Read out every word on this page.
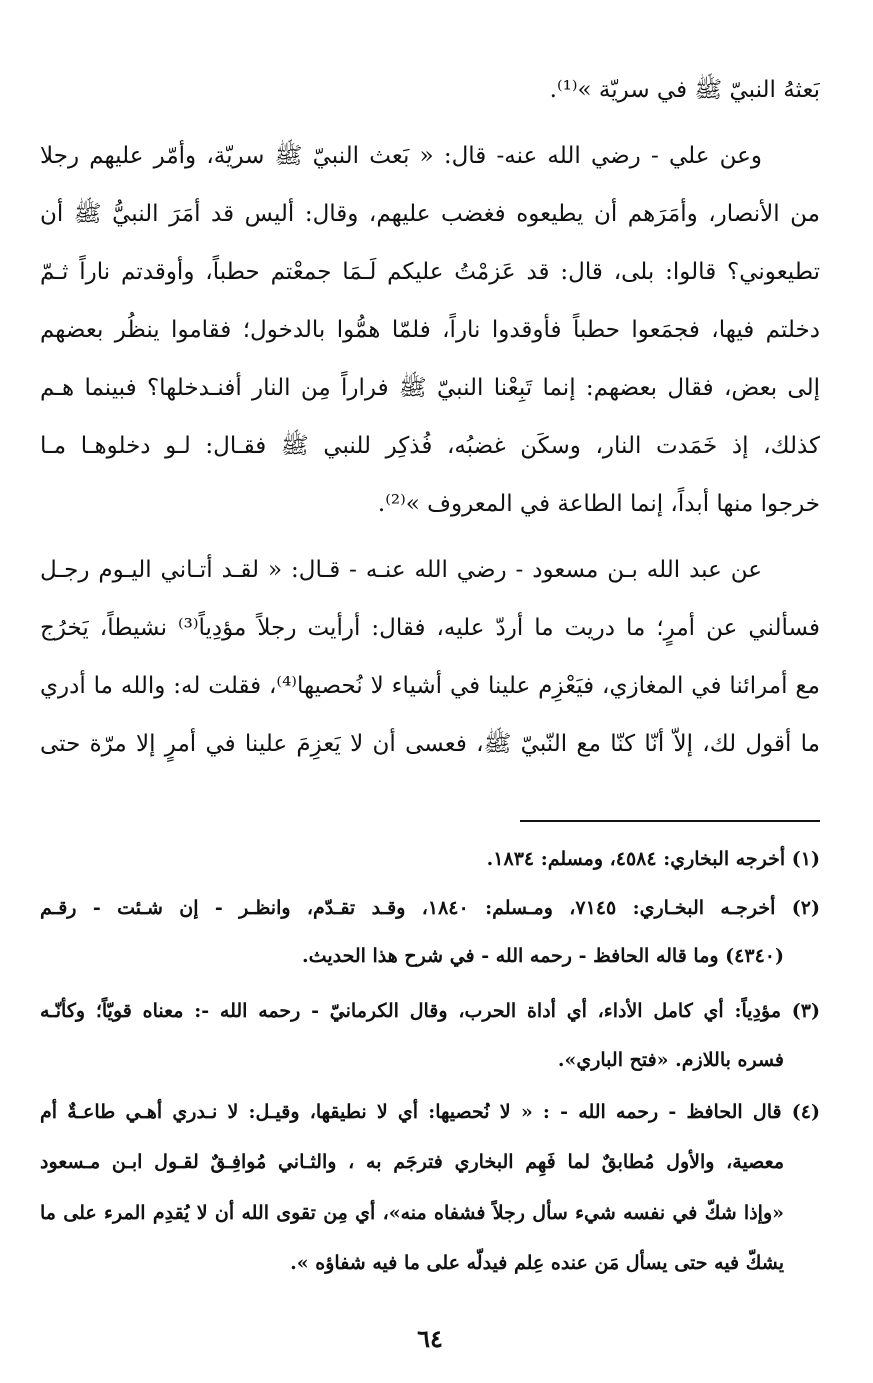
بَعثهُ النبيّ ﷺ في سريّة »⁽¹⁾.
وعن علي - رضي الله عنه- قال: « بَعث النبيّ ﷺ سريّة، وأمّر عليهم رجلا
من الأنصار، وأمَرَهم أن يطيعوه فغضب عليهم، وقال: أليس قد أمَرَ النبيُّ ﷺ أن
تطيعوني؟ قالوا: بلى، قال: قد عَزمْتُ عليكم لَـمَا جمعْتم حطباً، وأوقدتم ناراً ثـمّ
دخلتم فيها، فجمَعوا حطباً فأوقدوا ناراً، فلمّا همُّوا بالدخول؛ فقاموا ينظُر بعضهم
إلى بعض، فقال بعضهم: إنما تَبِعْنا النبيّ ﷺ فراراً مِن النار أفنـدخلها؟ فبينما هـم
كذلك، إذ خَمَدت النار، وسكَن غضبُه، فُذكِر للنبي ﷺ فقـال: لـو دخلوهـا مـا
خرجوا منها أبداً، إنما الطاعة في المعروف »⁽²⁾.
عن عبد الله بـن مسعود - رضي الله عنـه - قـال: « لقـد أتـاني اليـوم رجـل
فسألني عن أمرٍ؛ ما دريت ما أردّ عليه، فقال: أرأيت رجلاً مؤدِياً⁽³⁾ نشيطاً، يَخرُج
مع أمرائنا في المغازي، فيَعْزِم علينا في أشياء لا نُحصيها⁽⁴⁾، فقلت له: والله ما أدري
ما أقول لك، إلاّ أنّا كنّا مع النّبيّ ﷺ، فعسى أن لا يَعزِمَ علينا في أمرٍ إلا مرّة حتى
(١) أخرجه البخاري: ٤٥٨٤، ومسلم: ١٨٣٤.
(٢) أخرجـه البخـاري: ٧١٤٥، ومـسلم: ١٨٤٠، وقـد تقـدّم، وانظـر - إن شـئت - رقـم
(٤٣٤٠) وما قاله الحافظ - رحمه الله - في شرح هذا الحديث.
(٣) مؤدِياً: أي كامل الأداء، أي أداة الحرب، وقال الكرمانيّ - رحمه الله -: معناه قويّاً؛ وكأنّـه
فسره باللازم. «فتح الباري».
(٤) قال الحافظ - رحمه الله - : « لا نُحصيها: أي لا نطيقها، وقيـل: لا نـدري أهـي طاعـةٌ أم
معصية، والأول مُطابقٌ لما فَهِم البخاري فترجَم به ، والثـاني مُوافِـقٌ لقـول ابـن مـسعود
«وإذا شكّ في نفسه شيء سأل رجلاً فشفاه منه»، أي مِن تقوى الله أن لا يُقدِم المرء على ما
يشكّ فيه حتى يسأل مَن عنده عِلم فيدلّه على ما فيه شفاؤه ».
٦٤
